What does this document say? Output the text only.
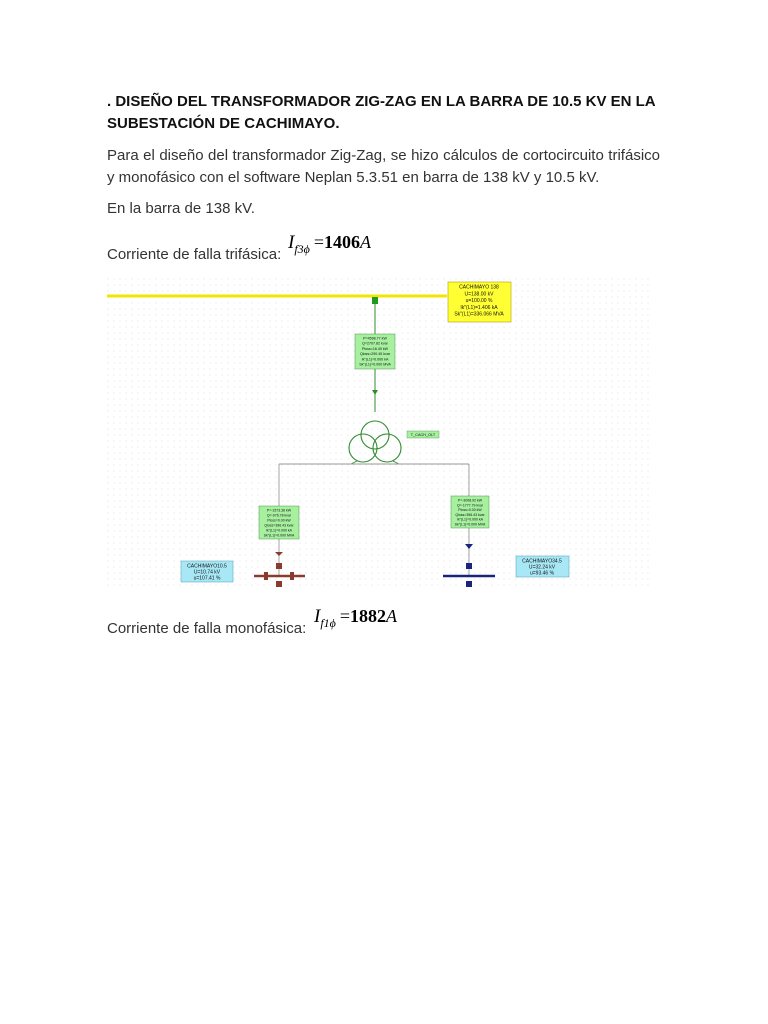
. DISEÑO DEL TRANSFORMADOR ZIG-ZAG EN LA BARRA DE 10.5 KV EN LA SUBESTACIÓN DE CACHIMAYO.

Para el diseño del transformador Zig-Zag, se hizo cálculos de cortocircuito trifásico y monofásico con el software Neplan 5.3.51 en barra de 138 kV y 10.5 kV.

En la barra de 138 kV.

Corriente de falla trifásica:

$I_{f3\phi} =1406A$
CACHIMAYO 138 U=138.00 kV u=100.00 % Ik"(L1)=1.406 kA Sk"(L1)=336.066 MVA
P=4598.77 kW Q=2707.82 kvar Ploss=16.49 kW Qloss=290.45 kvar Ik"(L1)=0.000 kA Sk"(L1)=0.000 MVA
T_CACH_OLT
P=-1573.36 kW Q=-976.78 kvar Ploss=0.00 kW Qloss=396.43 kvar Ik"(L1)=0.000 kA Sk"(L1)=0.000 MVA
P=-3008.92 kW Q=-1777.79 kvar Ploss=0.00 kW Qloss=396.43 kvar Ik"(L1)=0.000 kA Sk"(L1)=0.000 MVA
CACHIMAYO10.5 U=10.74 kV u=107.41 %
CACHIMAYO34.5 U=32.24 kV u=93.46 %

Corriente de falla monofásica:

$I_{f1\phi} =1882A$
